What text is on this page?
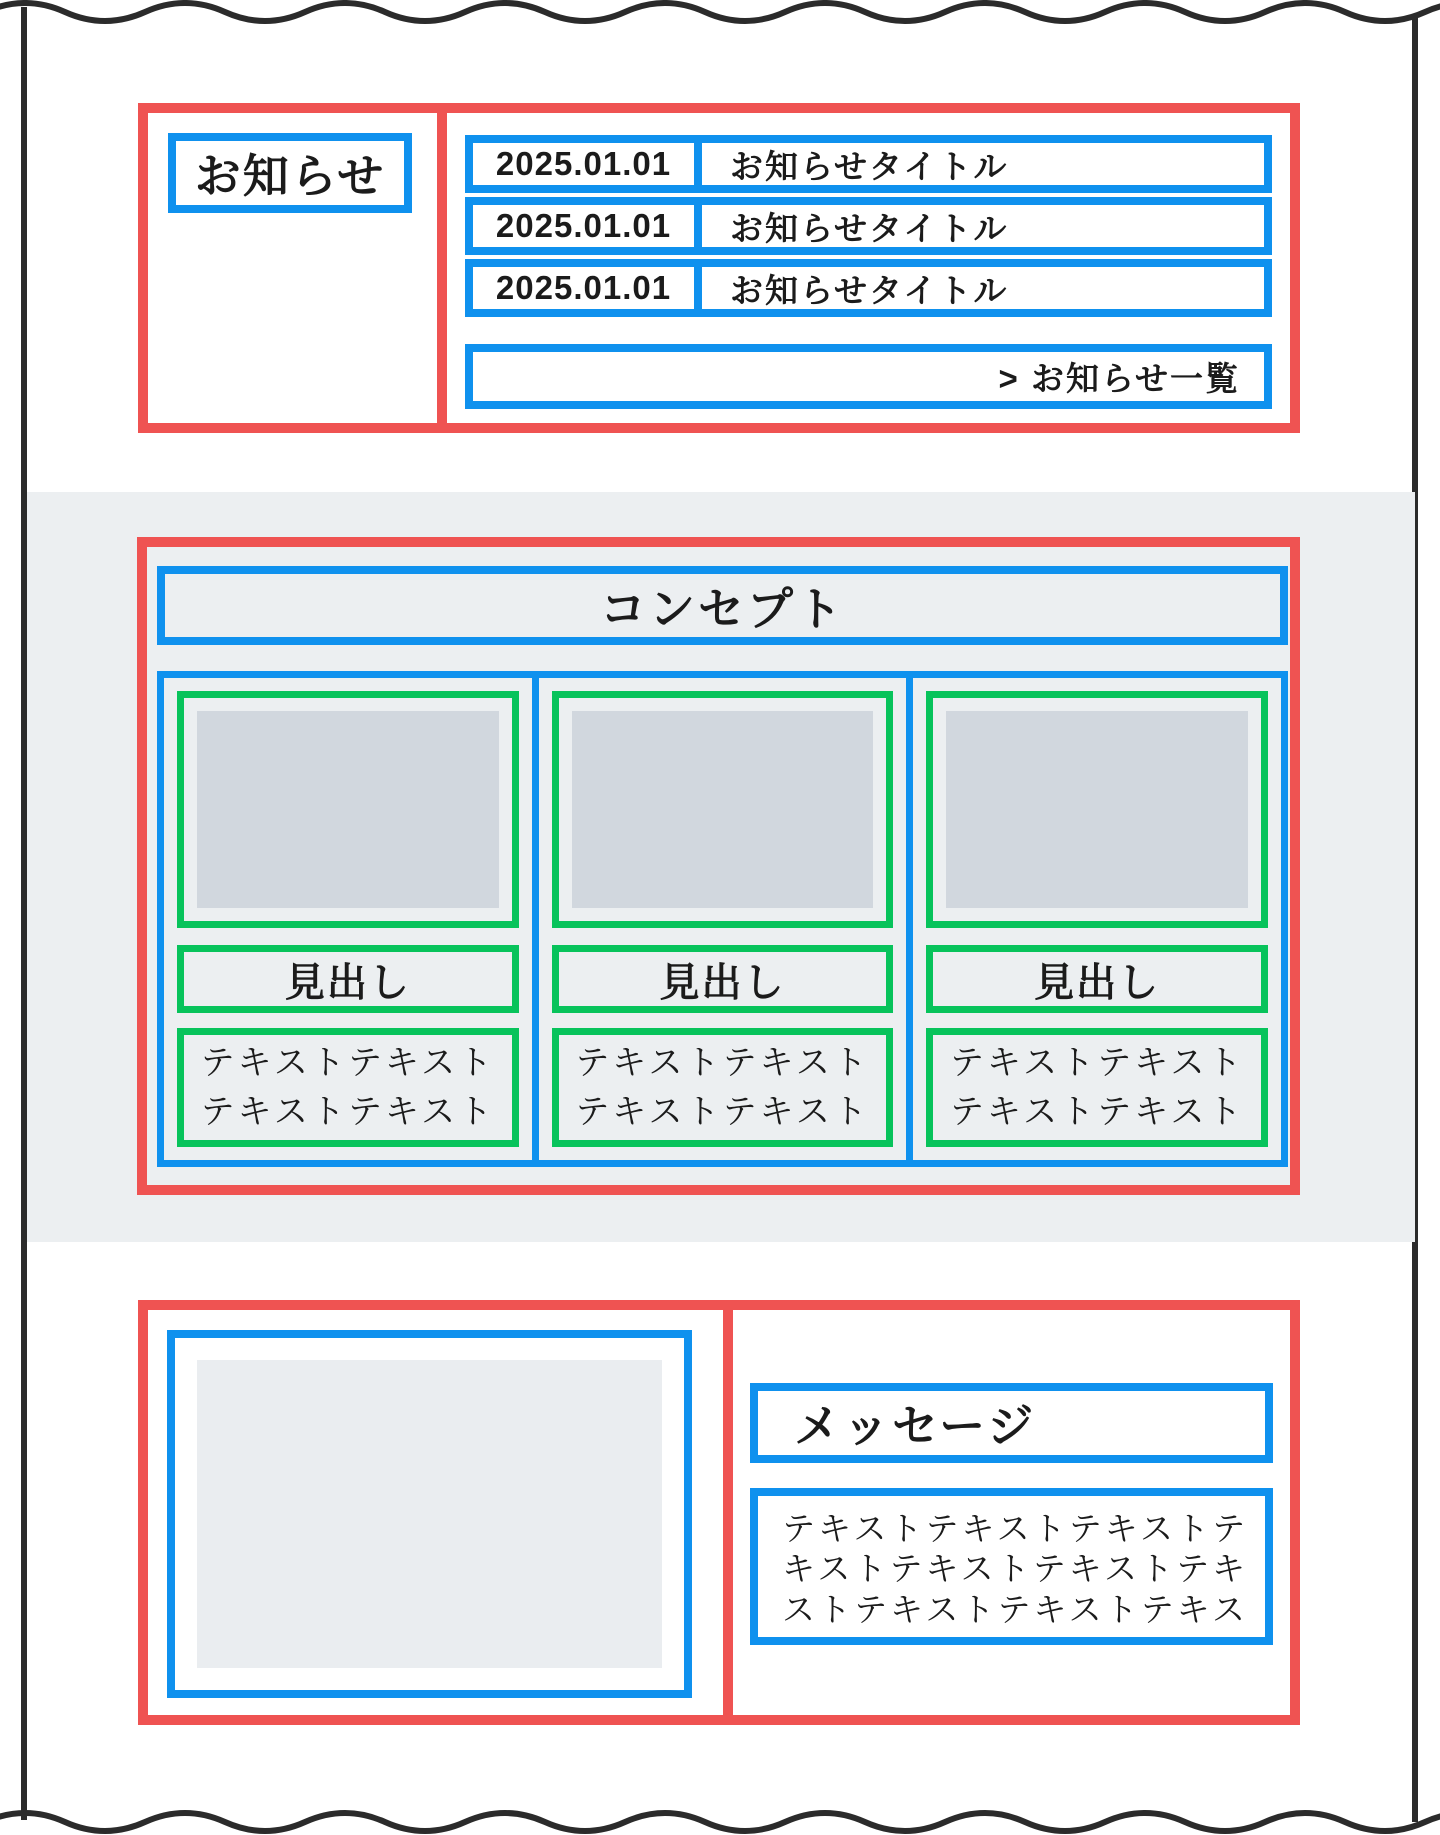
お知らせ	2025.01.01	お知らせタイトル
2025.01.01	お知らせタイトル
2025.01.01	お知らせタイトル
> お知らせ一覧
コンセプト
見出し
テキストテキスト
テキストテキスト
見出し
テキストテキスト
テキストテキスト
見出し
テキストテキスト
テキストテキスト
メッセージ
テキストテキストテキストテ
キストテキストテキストテキ
ストテキストテキストテキス
